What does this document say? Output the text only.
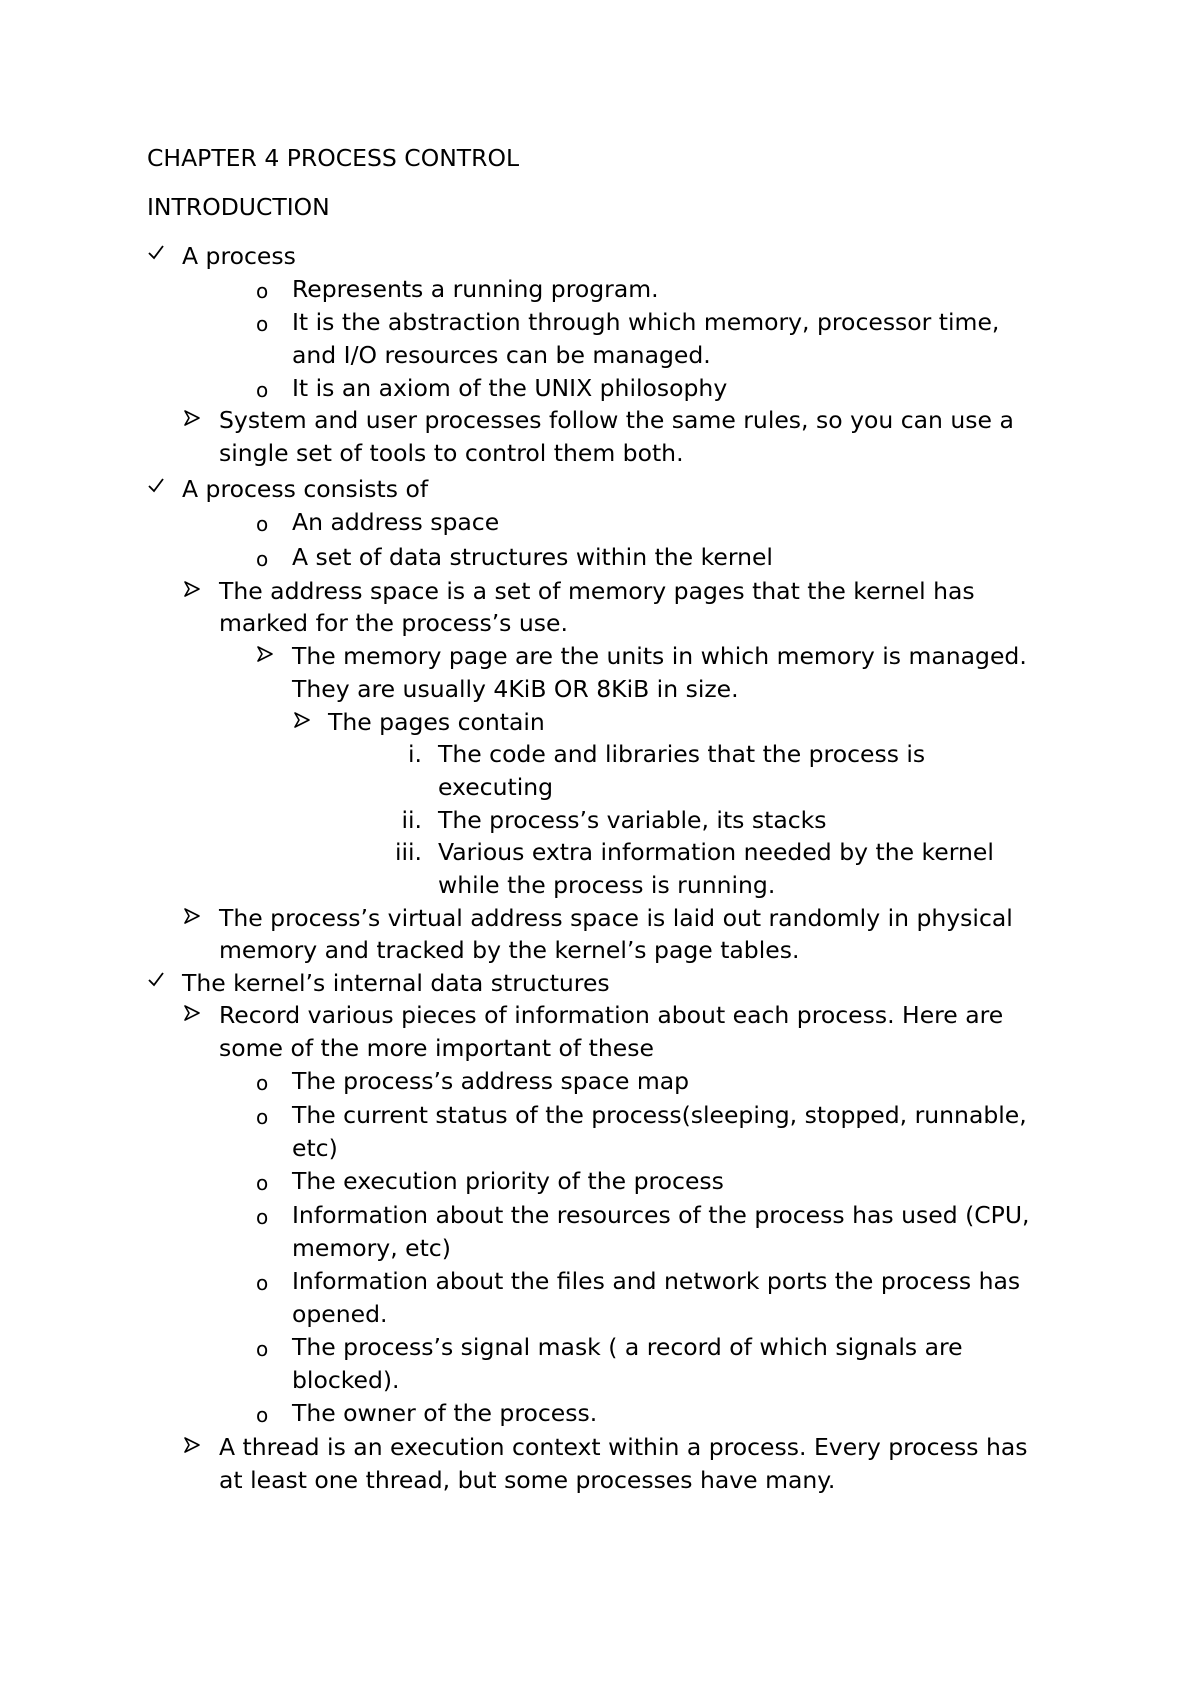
CHAPTER 4 PROCESS CONTROL

INTRODUCTION

A process

o Represents a running program.

o It is the abstraction through which memory, processor time,

and I/O resources can be managed.

o It is an axiom of the UNIX philosophy

System and user processes follow the same rules, so you can use a

single set of tools to control them both.

A process consists of

o An address space

o A set of data structures within the kernel

The address space is a set of memory pages that the kernel has

marked for the process’s use.

The memory page are the units in which memory is managed.

They are usually 4KiB OR 8KiB in size.

The pages contain

i. The code and libraries that the process is

executing

ii. The process’s variable, its stacks

iii. Various extra information needed by the kernel

while the process is running.

The process’s virtual address space is laid out randomly in physical

memory and tracked by the kernel’s page tables.

The kernel’s internal data structures

Record various pieces of information about each process. Here are

some of the more important of these

o The process’s address space map

o The current status of the process(sleeping, stopped, runnable,

etc)

o The execution priority of the process

o Information about the resources of the process has used (CPU,

memory, etc)

o Information about the files and network ports the process has

opened.

o The process’s signal mask ( a record of which signals are

blocked).

o The owner of the process.

A thread is an execution context within a process. Every process has

at least one thread, but some processes have many.
